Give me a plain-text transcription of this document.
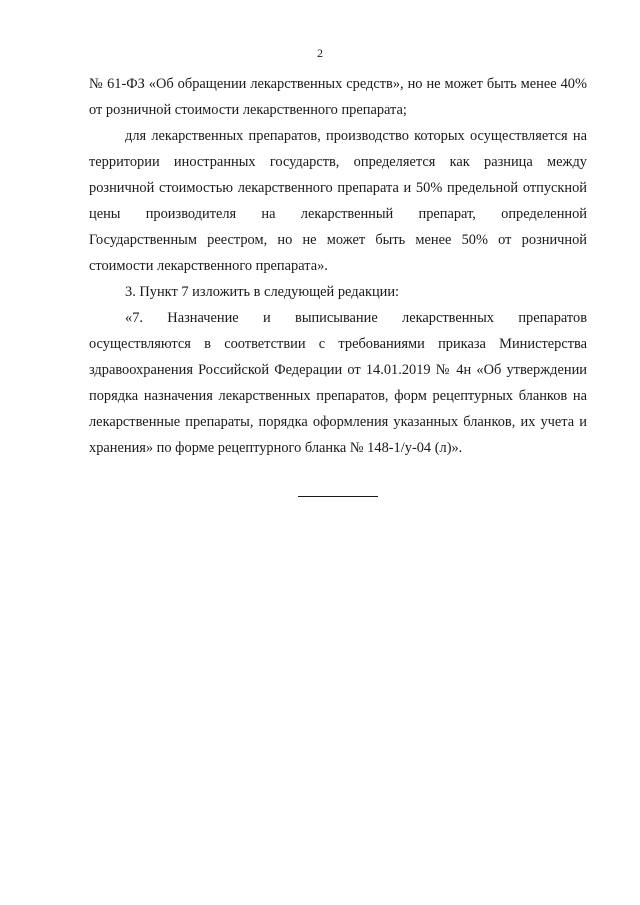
2

№ 61-ФЗ «Об обращении лекарственных средств», но не может быть менее 40% от розничной стоимости лекарственного препарата;

для лекарственных препаратов, производство которых осуществляется на территории иностранных государств, определяется как разница между розничной стоимостью лекарственного препарата и 50% предельной отпускной цены производителя на лекарственный препарат, определенной Государственным реестром, но не может быть менее 50% от розничной стоимости лекарственного препарата».

3. Пункт 7 изложить в следующей редакции:

«7. Назначение и выписывание лекарственных препаратов осуществляются в соответствии с требованиями приказа Министерства здравоохранения Российской Федерации от 14.01.2019 № 4н «Об утверждении порядка назначения лекарственных препаратов, форм рецептурных бланков на лекарственные препараты, порядка оформления указанных бланков, их учета и хранения» по форме рецептурного бланка № 148-1/у-04 (л)».
